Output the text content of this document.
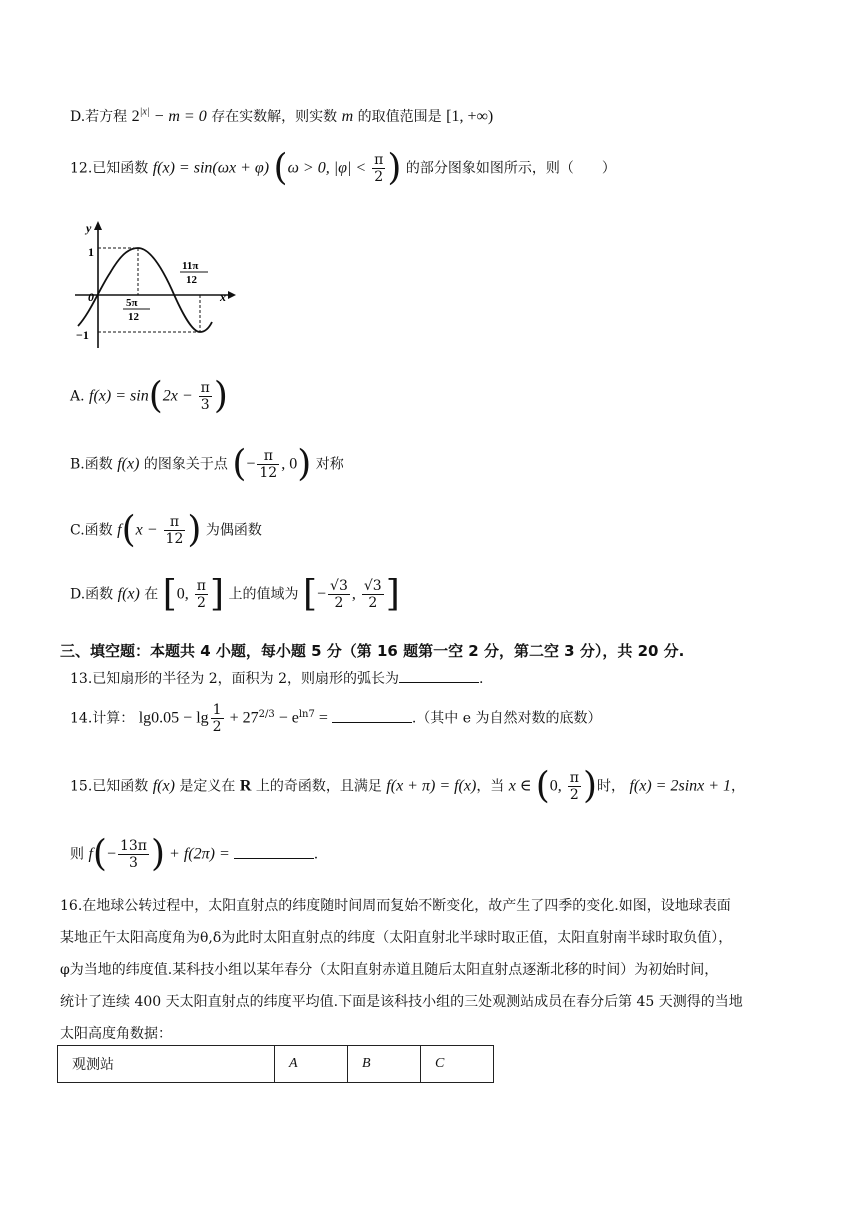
D.若方程 $2^{|x|} - m = 0$ 存在实数解，则实数 m 的取值范围是 [1, +∞)
12.已知函数 f(x) = sin(ωx + φ) (ω > 0, $|\varphi| < \frac{\pi}{2}$ ) 的部分图象如图所示，则（　　）
y
x
0
1
−1
5π
12
11π
12
A. $f(x) = \sin(2x - \frac{\pi}{3}$ )
B.函数 f(x) 的图象关于点 (− $\frac{\pi}{12}$ , 0) 对称
C.函数 $f(x - \frac{\pi}{12}$ ) 为偶函数
D.函数 f(x) 在 [0, $\frac{\pi}{2}$ ] 上的值域为 [− $\frac{√3}{2}$ , $\frac{√3}{2}$ ]
三、填空题：本题共 4 小题，每小题 5 分（第 16 题第一空 2 分，第二空 3 分），共 20 分.
13.已知扇形的半径为 2，面积为 2，则扇形的弧长为	.
14.计算： $\lg 0.05 - \lg \frac{1}{2} + 27^{2/3} - e^{ln7}$ =	.（其中 e 为自然对数的底数）
15.已知函数 f(x) 是定义在 R 上的奇函数，且满足 f(x + π) = f(x)，当 x ∈ (0, $\frac{\pi}{2}$ )时， f(x) = 2sinx + 1，
则 $f(- \frac{13\pi}{3}$ ) + f(2π) =	.
16.在地球公转过程中，太阳直射点的纬度随时间周而复始不断变化，故产生了四季的变化.如图，设地球表面
某地正午太阳高度角为θ,δ为此时太阳直射点的纬度（太阳直射北半球时取正值，太阳直射南半球时取负值），
φ为当地的纬度值.某科技小组以某年春分（太阳直射赤道且随后太阳直射点逐渐北移的时间）为初始时间，
统计了连续 400 天太阳直射点的纬度平均值.下面是该科技小组的三处观测站成员在春分后第 45 天测得的当地
太阳高度角数据：
观测站	A	B	C
